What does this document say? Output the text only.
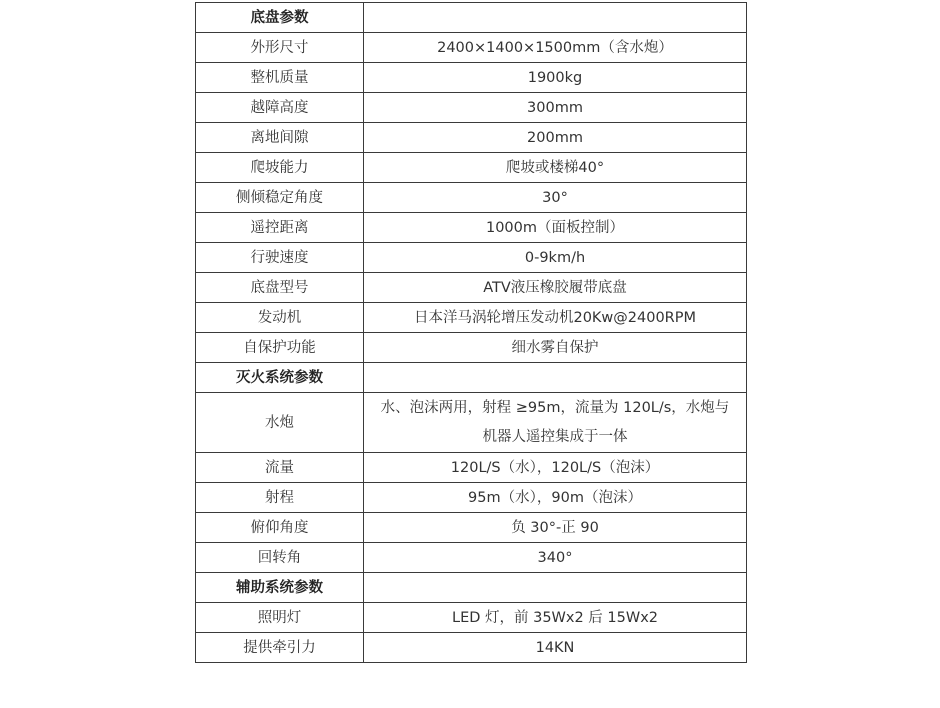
底盘参数	
外形尺寸	2400×1400×1500mm（含水炮）
整机质量	1900kg
越障高度	300mm
离地间隙	200mm
爬坡能力	爬坡或楼梯40°
侧倾稳定角度	30°
遥控距离	1000m（面板控制）
行驶速度	0-9km/h
底盘型号	ATV液压橡胶履带底盘
发动机	日本洋马涡轮增压发动机20Kw@2400RPM
自保护功能	细水雾自保护
灭火系统参数	
水炮	水、泡沫两用，射程 ≥95m，流量为 120L/s，水炮与
机器人遥控集成于一体

流量	120L/S（水），120L/S（泡沫）
射程	95m（水），90m（泡沫）
俯仰角度	负 30°-正 90
回转角	340°
辅助系统参数	
照明灯	LED 灯，前 35Wx2 后 15Wx2
提供牵引力	14KN
